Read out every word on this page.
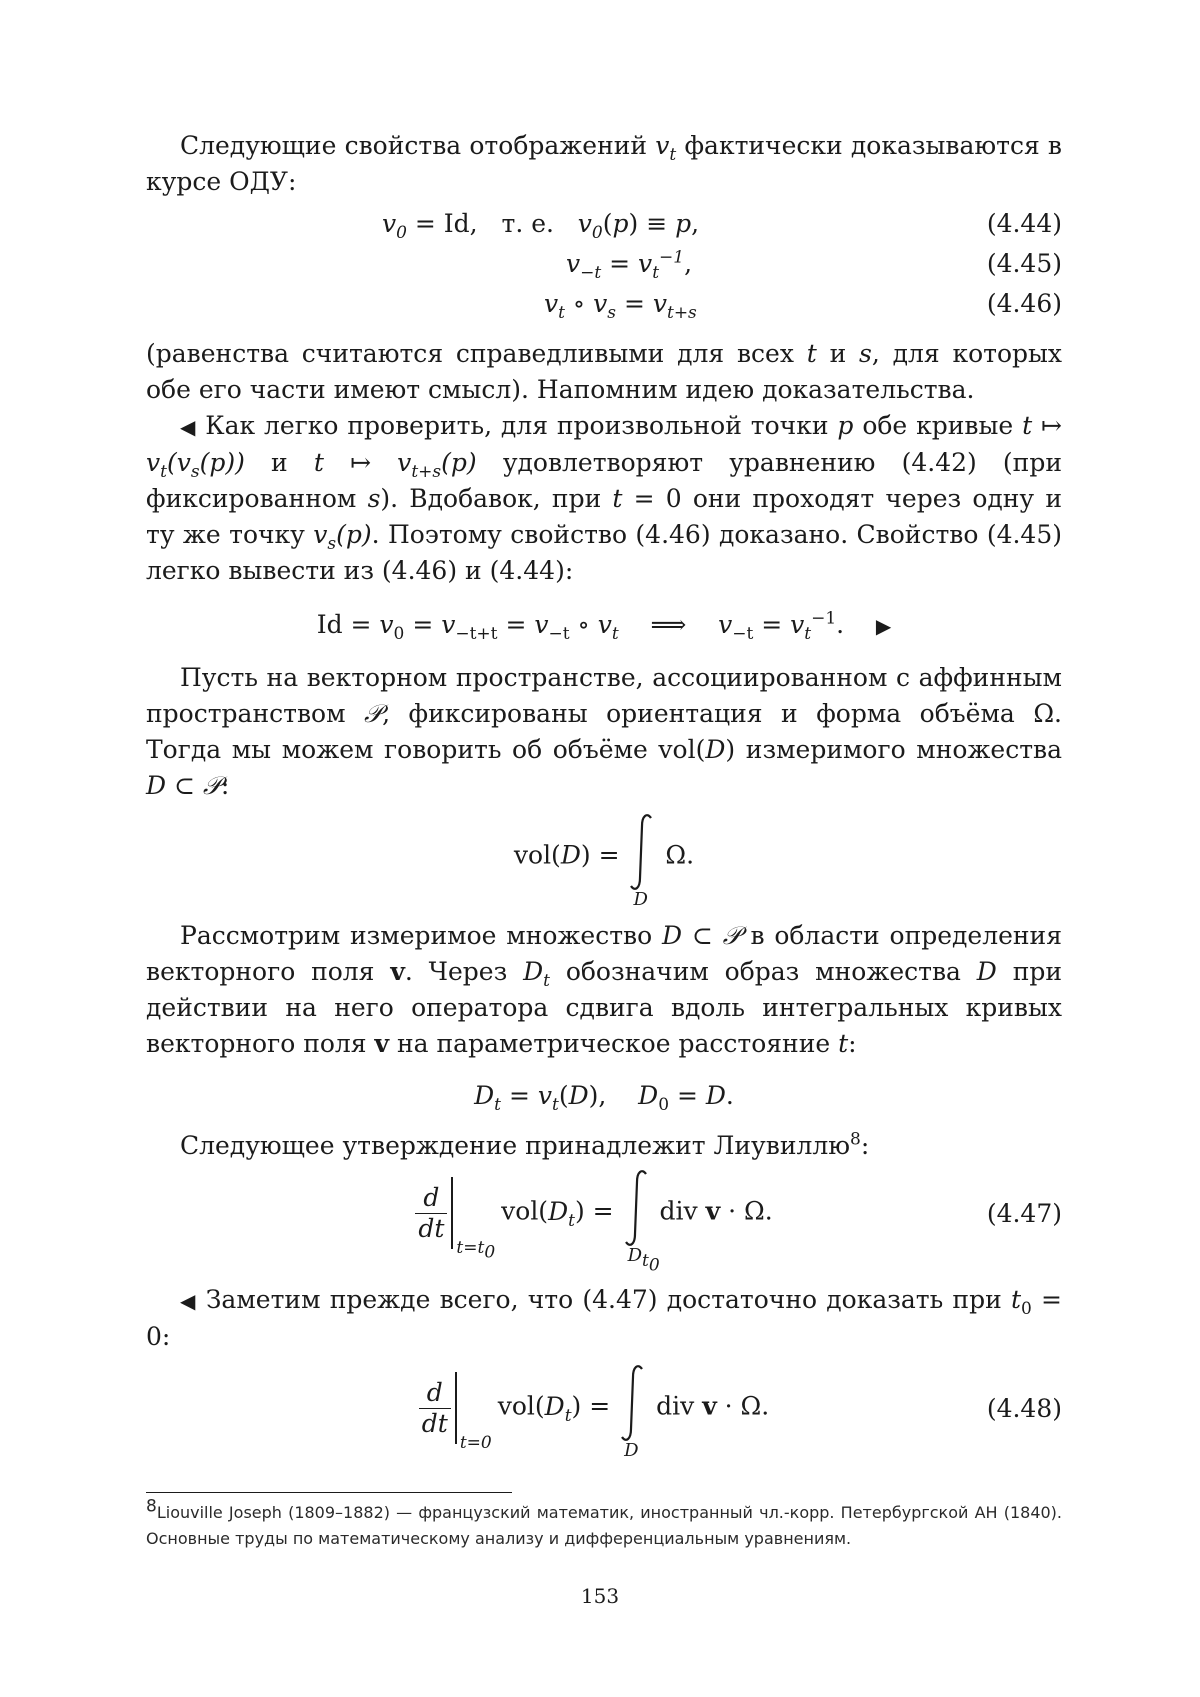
Следующие свойства отображений $v_t$ фактически доказываются в курсе ОДУ:

$v_0 = Id$, т. е.   $v_0(p) \equiv p$,	(4.44)
$v_{-t} = v_t^{-1}$,	(4.45)
$v_t$ ∘ $v_s = v_{t+s}$	(4.46)

(равенства считаются справедливыми для всех t и s, для которых обе его части имеют смысл). Напомним идею доказательства.

◀ Как легко проверить, для произвольной точки p обе кривые t ↦ $v_t(v_s(p))$ и t ↦ $v_{t+s}(p)$ удовлетворяют уравнению (4.42) (при фиксированном s). Вдобавок, при t = 0 они проходят через одну и ту же точку $v_s(p)$. Поэтому свойство (4.46) доказано. Свойство (4.45) легко вывести из (4.46) и (4.44):

$Id = v_0 = v_{-t+t} = v_{-t}$ ∘ $v_t$    ⟹    $v_{-t} = v_t^{-1}$.    ▶

Пусть на векторном пространстве, ассоциированном с аффинным пространством 𝒫, фиксированы ориентация и форма объёма Ω. Тогда мы можем говорить об объёме vol(D) измеримого множества D ⊂ 𝒫:

vol(D) =
D
Ω.

Рассмотрим измеримое множество D ⊂ 𝒫 в области определения векторного поля v. Через $D_t$ обозначим образ множества D при действии на него оператора сдвига вдоль интегральных кривых векторного поля v на параметрическое расстояние t:

$D_t = v_t(D)$,    $D_0 = D$.

Следующее утверждение принадлежит Лиувиллю$^8$:

$\frac{d}{dt}$
$t=t_0vol(D_t)$ =
$D_{t_0}$
div v · Ω.	(4.47)

◀ Заметим прежде всего, что (4.47) достаточно доказать при $t_0 = 0$:

$\frac{d}{dt}$
$t=0vol(D_t)$ =
D
div v · Ω.	(4.48)
$^8$Liouville Joseph (1809–1882) — французский математик, иностранный чл.-корр. Петербургской АН (1840). Основные труды по математическому анализу и дифференциальным уравнениям.
153
